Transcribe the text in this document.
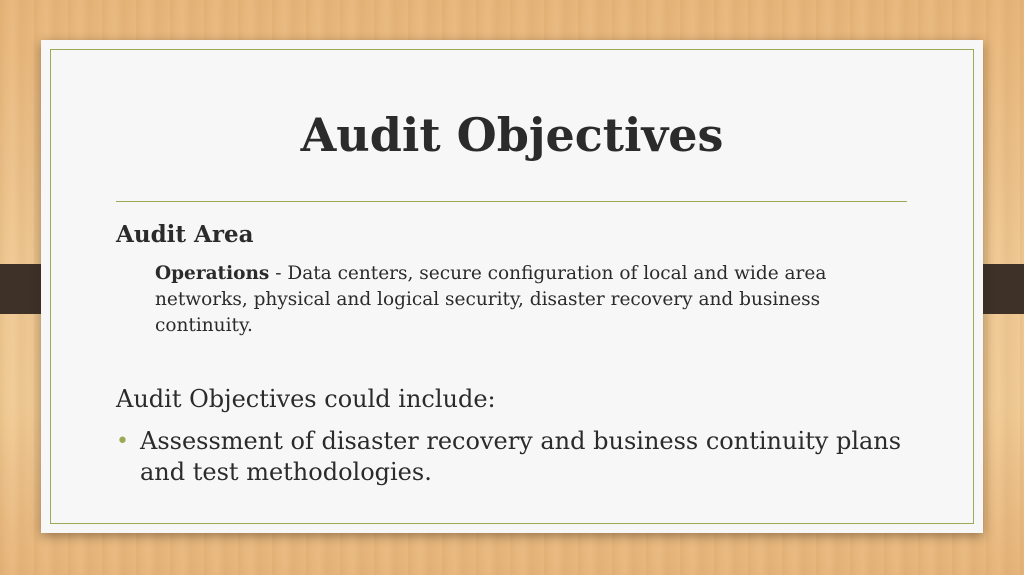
Audit Objectives
Audit Area
Operations - Data centers, secure configuration of local and wide area networks, physical and logical security, disaster recovery and business continuity.
Audit Objectives could include:
• Assessment of disaster recovery and business continuity plans and test methodologies.
